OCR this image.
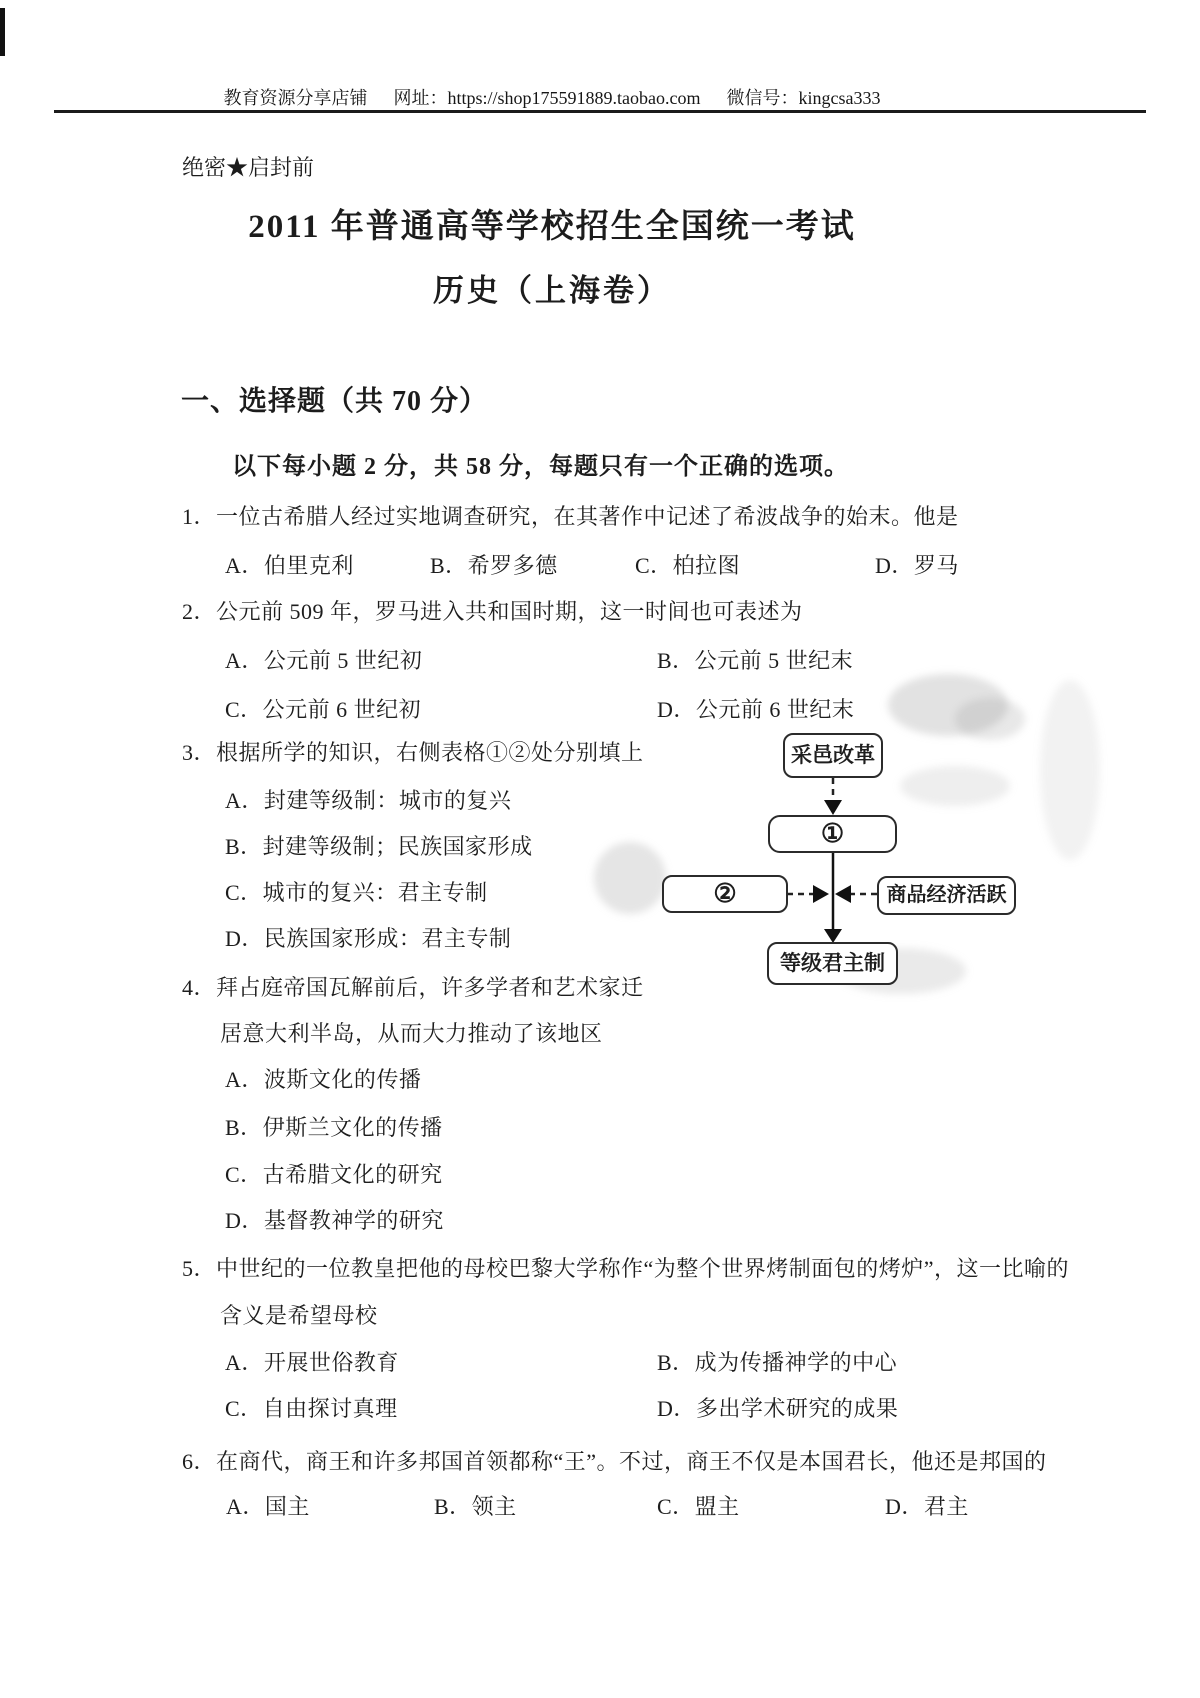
教育资源分享店铺 网址：https://shop175591889.taobao.com 微信号：kingcsa333
绝密★启封前
2011 年普通高等学校招生全国统一考试
历史（上海卷）
一、选择题（共 70 分）
以下每小题 2 分，共 58 分，每题只有一个正确的选项。
1．一位古希腊人经过实地调查研究，在其著作中记述了希波战争的始末。他是
A．伯里克利	B．希罗多德	C．柏拉图	D．罗马
2．公元前 509 年，罗马进入共和国时期，这一时间也可表述为
A．公元前 5 世纪初	B．公元前 5 世纪末
C．公元前 6 世纪初	D．公元前 6 世纪末
3．根据所学的知识，右侧表格①②处分别填上
A．封建等级制：城市的复兴
B．封建等级制；民族国家形成
C．城市的复兴：君主专制
D．民族国家形成：君主专制
采邑改革
①
②	商品经济活跃
等级君主制
4．拜占庭帝国瓦解前后，许多学者和艺术家迁
居意大利半岛，从而大力推动了该地区
A．波斯文化的传播
B．伊斯兰文化的传播
C．古希腊文化的研究
D．基督教神学的研究
5．中世纪的一位教皇把他的母校巴黎大学称作“为整个世界烤制面包的烤炉”，这一比喻的
含义是希望母校
A．开展世俗教育	B．成为传播神学的中心
C．自由探讨真理	D．多出学术研究的成果
6．在商代，商王和许多邦国首领都称“王”。不过，商王不仅是本国君长，他还是邦国的
A．国主	B．领主	C．盟主	D．君主
